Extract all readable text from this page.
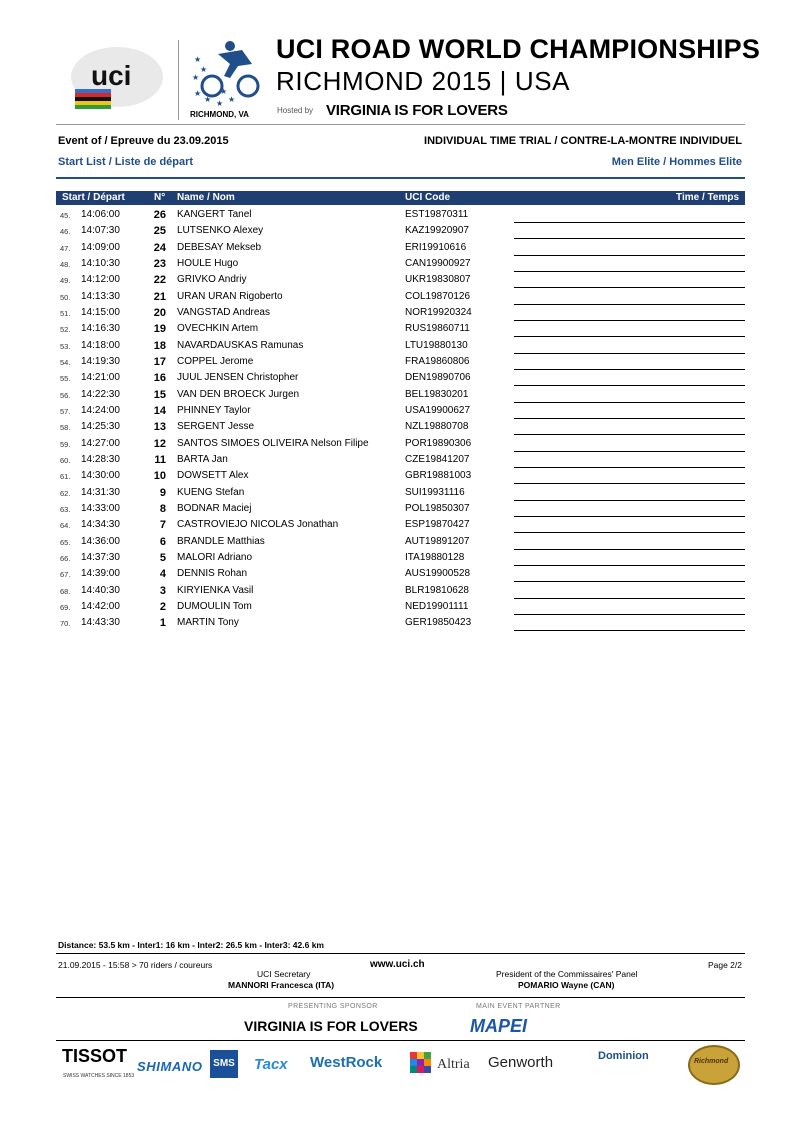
uci
★
★
★
★ ★ ★
★ ★
RICHMOND, VA
UCI ROAD WORLD CHAMPIONSHIPS
RICHMOND 2015 | USA
Hosted by VIRGINIA IS FOR LOVERS
Event of / Epreuve du 23.09.2015	INDIVIDUAL TIME TRIAL / CONTRE-LA-MONTRE INDIVIDUEL
Start List / Liste de départ	Men Elite / Hommes Elite
Start / Départ	N° Name / Nom	UCI Code	Time / Temps
45. 14:06:00	26 KANGERT Tanel	EST19870311
46. 14:07:30	25 LUTSENKO Alexey	KAZ19920907
47. 14:09:00	24 DEBESAY Mekseb	ERI19910616
48. 14:10:30	23 HOULE Hugo	CAN19900927
49. 14:12:00	22 GRIVKO Andriy	UKR19830807
50. 14:13:30	21 URAN URAN Rigoberto	COL19870126
51. 14:15:00	20 VANGSTAD Andreas	NOR19920324
52. 14:16:30	19 OVECHKIN Artem	RUS19860711
53. 14:18:00	18 NAVARDAUSKAS Ramunas	LTU19880130
54. 14:19:30	17 COPPEL Jerome	FRA19860806
55. 14:21:00	16 JUUL JENSEN Christopher	DEN19890706
56. 14:22:30	15 VAN DEN BROECK Jurgen	BEL19830201
57. 14:24:00	14 PHINNEY Taylor	USA19900627
58. 14:25:30	13 SERGENT Jesse	NZL19880708
59. 14:27:00	12 SANTOS SIMOES OLIVEIRA Nelson Filipe	POR19890306
60. 14:28:30	11 BARTA Jan	CZE19841207
61. 14:30:00	10 DOWSETT Alex	GBR19881003
62. 14:31:30	9 KUENG Stefan	SUI19931116
63. 14:33:00	8 BODNAR Maciej	POL19850307
64. 14:34:30	7 CASTROVIEJO NICOLAS Jonathan	ESP19870427
65. 14:36:00	6 BRANDLE Matthias	AUT19891207
66. 14:37:30	5 MALORI Adriano	ITA19880128
67. 14:39:00	4 DENNIS Rohan	AUS19900528
68. 14:40:30	3 KIRYIENKA Vasil	BLR19810628
69. 14:42:00	2 DUMOULIN Tom	NED19901111
70. 14:43:30	1 MARTIN Tony	GER19850423
Distance: 53.5 km - Inter1: 16 km - Inter2: 26.5 km - Inter3: 42.6 km
21.09.2015 - 15:58 > 70 riders / coureurs	www.uci.ch	Page 2/2
UCI Secretary
MANNORI Francesca (ITA)
President of the Commissaires' Panel
POMARIO Wayne (CAN)
PRESENTING SPONSOR	MAIN EVENT PARTNER
VIRGINIA IS FOR LOVERS	MAPEI
TISSOT
SWISS WATCHES SINCE 1853
SHIMANO	SMS Tacx WestRock	Altria Genworth	Dominion	Richmond
